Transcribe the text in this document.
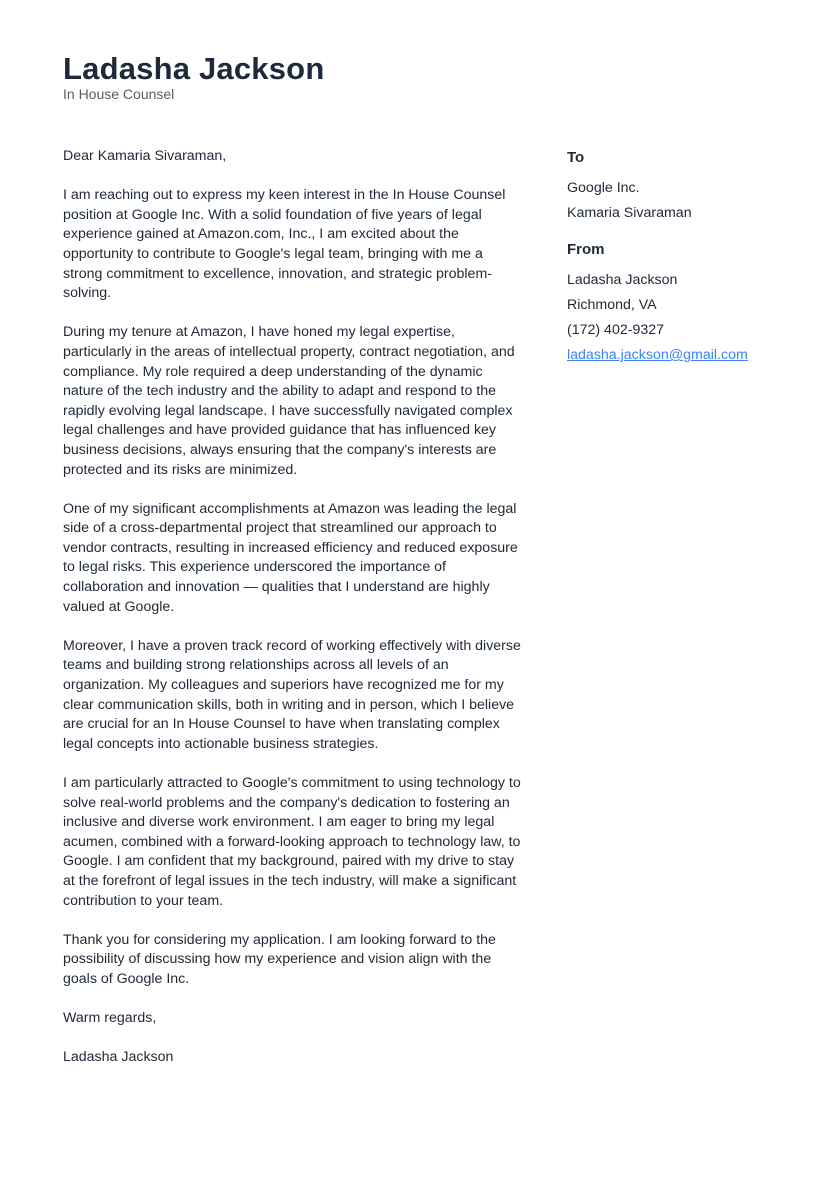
Ladasha Jackson
In House Counsel

Dear Kamaria Sivaraman,

I am reaching out to express my keen interest in the In House Counsel position at Google Inc. With a solid foundation of five years of legal experience gained at Amazon.com, Inc., I am excited about the opportunity to contribute to Google's legal team, bringing with me a strong commitment to excellence, innovation, and strategic problem-solving.

During my tenure at Amazon, I have honed my legal expertise, particularly in the areas of intellectual property, contract negotiation, and compliance. My role required a deep understanding of the dynamic nature of the tech industry and the ability to adapt and respond to the rapidly evolving legal landscape. I have successfully navigated complex legal challenges and have provided guidance that has influenced key business decisions, always ensuring that the company's interests are protected and its risks are minimized.

One of my significant accomplishments at Amazon was leading the legal side of a cross-departmental project that streamlined our approach to vendor contracts, resulting in increased efficiency and reduced exposure to legal risks. This experience underscored the importance of collaboration and innovation — qualities that I understand are highly valued at Google.

Moreover, I have a proven track record of working effectively with diverse teams and building strong relationships across all levels of an organization. My colleagues and superiors have recognized me for my clear communication skills, both in writing and in person, which I believe are crucial for an In House Counsel to have when translating complex legal concepts into actionable business strategies.

I am particularly attracted to Google's commitment to using technology to solve real-world problems and the company's dedication to fostering an inclusive and diverse work environment. I am eager to bring my legal acumen, combined with a forward-looking approach to technology law, to Google. I am confident that my background, paired with my drive to stay at the forefront of legal issues in the tech industry, will make a significant contribution to your team.

Thank you for considering my application. I am looking forward to the possibility of discussing how my experience and vision align with the goals of Google Inc.

Warm regards,

Ladasha Jackson

To
Google Inc.
Kamaria Sivaraman
From
Ladasha Jackson
Richmond, VA
(172) 402-9327
ladasha.jackson@gmail.com
